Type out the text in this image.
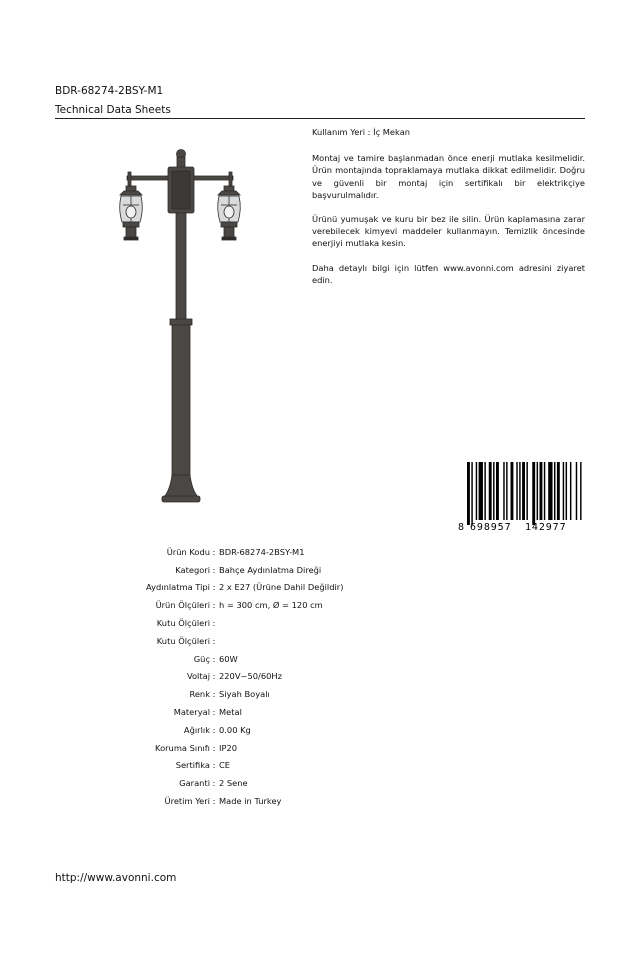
BDR-68274-2BSY-M1
Technical Data Sheets

Kullanım Yeri : İç Mekan

Montaj ve tamire başlanmadan önce enerji mutlaka kesilmelidir. Ürün montajında topraklamaya mutlaka dikkat edilmelidir. Doğru ve güvenli bir montaj için sertifikalı bir elektrikçiye başvurulmalıdır.

Ürünü yumuşak ve kuru bir bez ile silin. Ürün kaplamasına zarar verebilecek kimyevi maddeler kullanmayın. Temizlik öncesinde enerjiyi mutlaka kesin.

Daha detaylı bilgi için lütfen www.avonni.com adresini ziyaret edin.

8 698957 142977
Ürün Kodu : BDR-68274-2BSY-M1
Kategori : Bahçe Aydınlatma Direği
Aydınlatma Tipi : 2 x E27 (Ürüne Dahil Değildir)
Ürün Ölçüleri : h = 300 cm, Ø = 120 cm
Kutu Ölçüleri :
Kutu Ölçüleri :
Güç : 60W
Voltaj : 220V~50/60Hz
Renk : Siyah Boyalı
Materyal : Metal
Ağırlık : 0.00 Kg
Koruma Sınıfı : IP20
Sertifika : CE
Garanti : 2 Sene
Üretim Yeri : Made in Turkey
http://www.avonni.com
